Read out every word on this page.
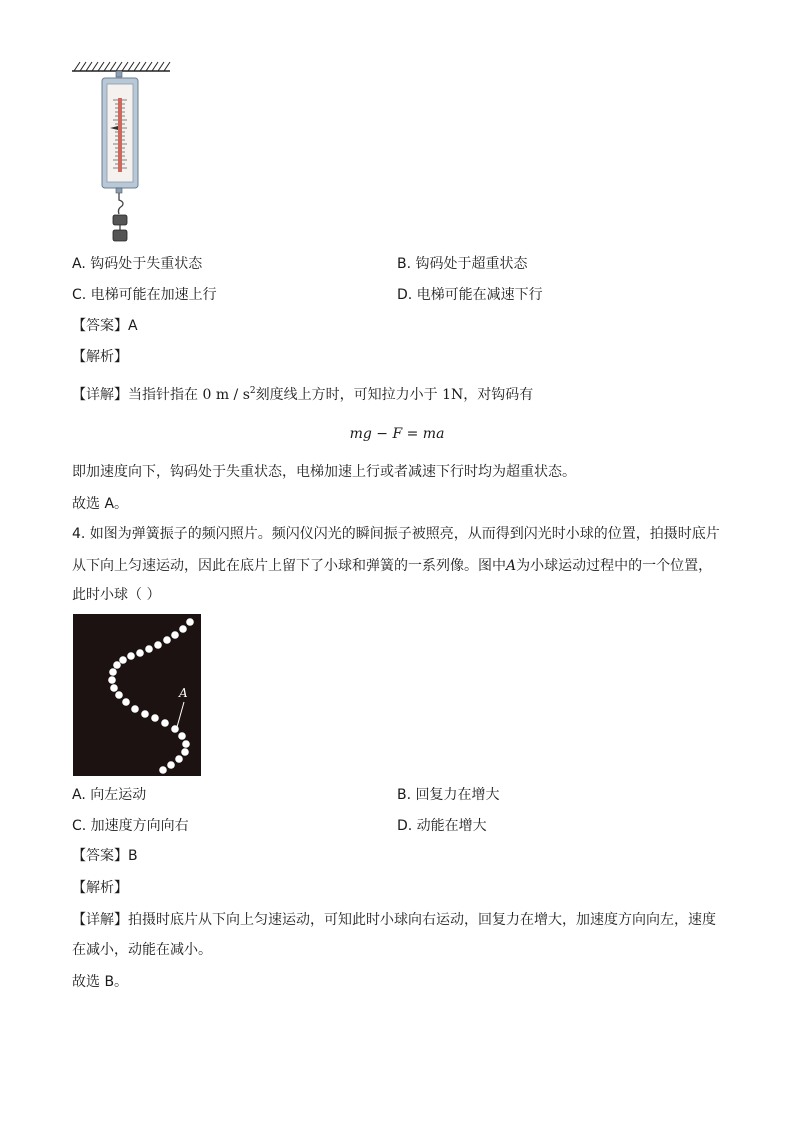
A. 钩码处于失重状态	B. 钩码处于超重状态
C. 电梯可能在加速上行	D. 电梯可能在减速下行
【答案】A
【解析】
【详解】当指针指在 0 m / $s^2$刻度线上方时，可知拉力小于 1N，对钩码有
mg − F = ma
即加速度向下，钩码处于失重状态，电梯加速上行或者减速下行时均为超重状态。
故选 A。
4. 如图为弹簧振子的频闪照片。频闪仪闪光的瞬间振子被照亮，从而得到闪光时小球的位置，拍摄时底片
从下向上匀速运动，因此在底片上留下了小球和弹簧的一系列像。图中A为小球运动过程中的一个位置，
此时小球（ ）
A
A. 向左运动	B. 回复力在增大
C. 加速度方向向右	D. 动能在增大
【答案】B
【解析】
【详解】拍摄时底片从下向上匀速运动，可知此时小球向右运动，回复力在增大，加速度方向向左，速度
在减小，动能在减小。
故选 B。
